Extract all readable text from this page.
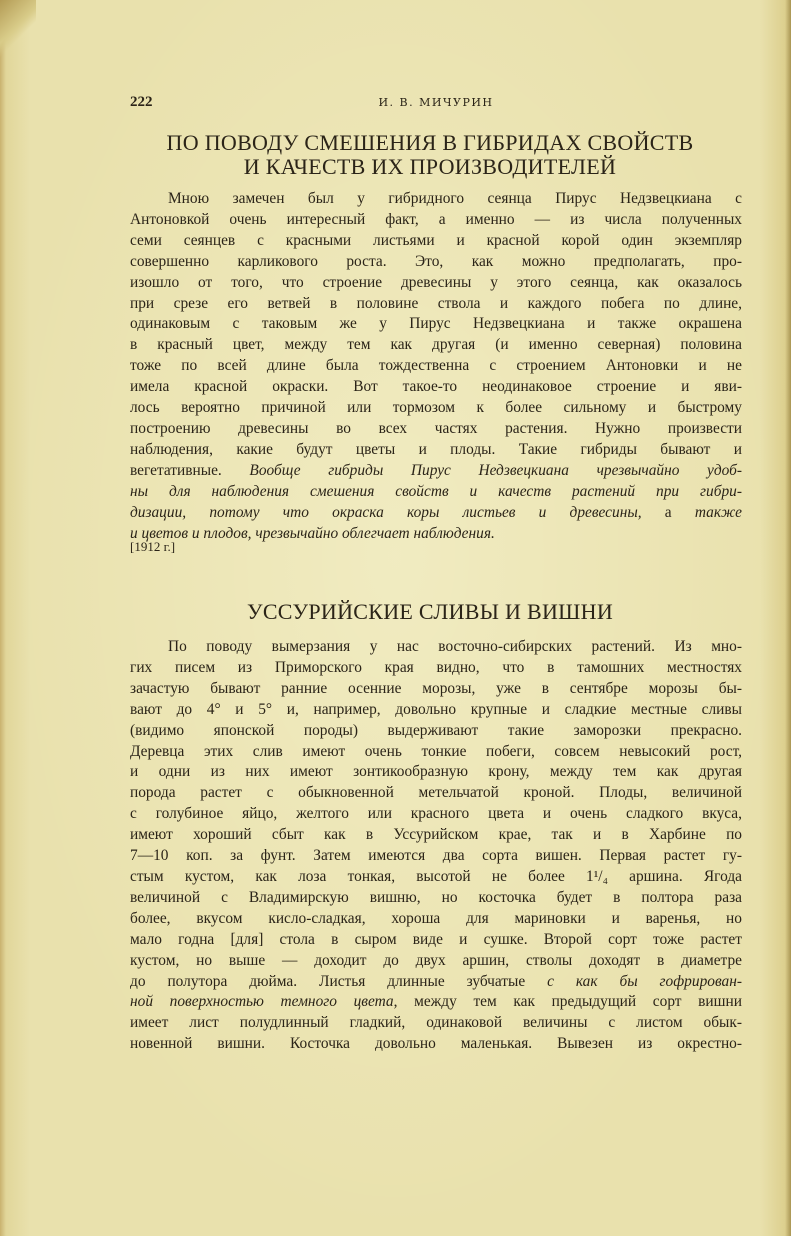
222	И. В. МИЧУРИН
ПО ПОВОДУ СМЕШЕНИЯ В ГИБРИДАХ СВОЙСТВ
И КАЧЕСТВ ИХ ПРОИЗВОДИТЕЛЕЙ
Мною замечен был у гибридного сеянца Пирус Недзвецкиана с
Антоновкой очень интересный факт, а именно — из числа полученных
семи сеянцев с красными листьями и красной корой один экземпляр
совершенно карликового роста. Это, как можно предполагать, про-
изошло от того, что строение древесины у этого сеянца, как оказалось
при срезе его ветвей в половине ствола и каждого побега по длине,
одинаковым с таковым же у Пирус Недзвецкиана и также окрашена
в красный цвет, между тем как другая (и именно северная) половина
тоже по всей длине была тождественна с строением Антоновки и не
имела красной окраски. Вот такое-то неодинаковое строение и яви-
лось вероятно причиной или тормозом к более сильному и быстрому
построению древесины во всех частях растения. Нужно произвести
наблюдения, какие будут цветы и плоды. Такие гибриды бывают и
вегетативные. Вообще гибриды Пирус Недзвецкиана чрезвычайно удоб-
ны для наблюдения смешения свойств и качеств растений при гибри-
дизации, потому что окраска коры листьев и древесины, а также
и цветов и плодов, чрезвычайно облегчает наблюдения.
[1912 г.]
УССУРИЙСКИЕ СЛИВЫ И ВИШНИ
По поводу вымерзания у нас восточно-сибирских растений. Из мно-
гих писем из Приморского края видно, что в тамошних местностях
зачастую бывают ранние осенние морозы, уже в сентябре морозы бы-
вают до 4° и 5° и, например, довольно крупные и сладкие местные сливы
(видимо японской породы) выдерживают такие заморозки прекрасно.
Деревца этих слив имеют очень тонкие побеги, совсем невысокий рост,
и одни из них имеют зонтикообразную крону, между тем как другая
порода растет с обыкновенной метельчатой кроной. Плоды, величиной
с голубиное яйцо, желтого или красного цвета и очень сладкого вкуса,
имеют хороший сбыт как в Уссурийском крае, так и в Харбине по
7—10 коп. за фунт. Затем имеются два сорта вишен. Первая растет гу-
стым кустом, как лоза тонкая, высотой не более 1¹/₄ аршина. Ягода
величиной с Владимирскую вишню, но косточка будет в полтора раза
более, вкусом кисло-сладкая, хороша для мариновки и варенья, но
мало годна [для] стола в сыром виде и сушке. Второй сорт тоже растет
кустом, но выше — доходит до двух аршин, стволы доходят в диаметре
до полутора дюйма. Листья длинные зубчатые с как бы гофрирован-
ной поверхностью темного цвета, между тем как предыдущий сорт вишни
имеет лист полудлинный гладкий, одинаковой величины с листом обык-
новенной вишни. Косточка довольно маленькая. Вывезен из окрестно-
